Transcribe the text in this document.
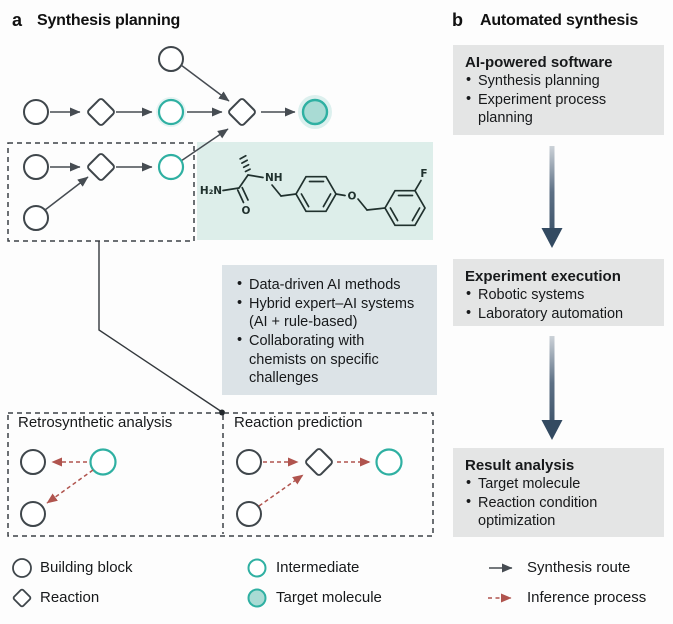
H₂N
O
NH
O
F
a Synthesis planning	b Automated synthesis
• Data-driven AI methods
• Hybrid expert–AI systems (AI + rule-based)
• Collaborating with chemists on specific challenges
Retrosynthetic analysis	Reaction prediction
AI-powered software
• Synthesis planning
• Experiment process planning
Experiment execution
• Robotic systems
• Laboratory automation
Result analysis
• Target molecule
• Reaction condition optimization
Building block
Reaction
Intermediate
Target molecule
Synthesis route
Inference process
